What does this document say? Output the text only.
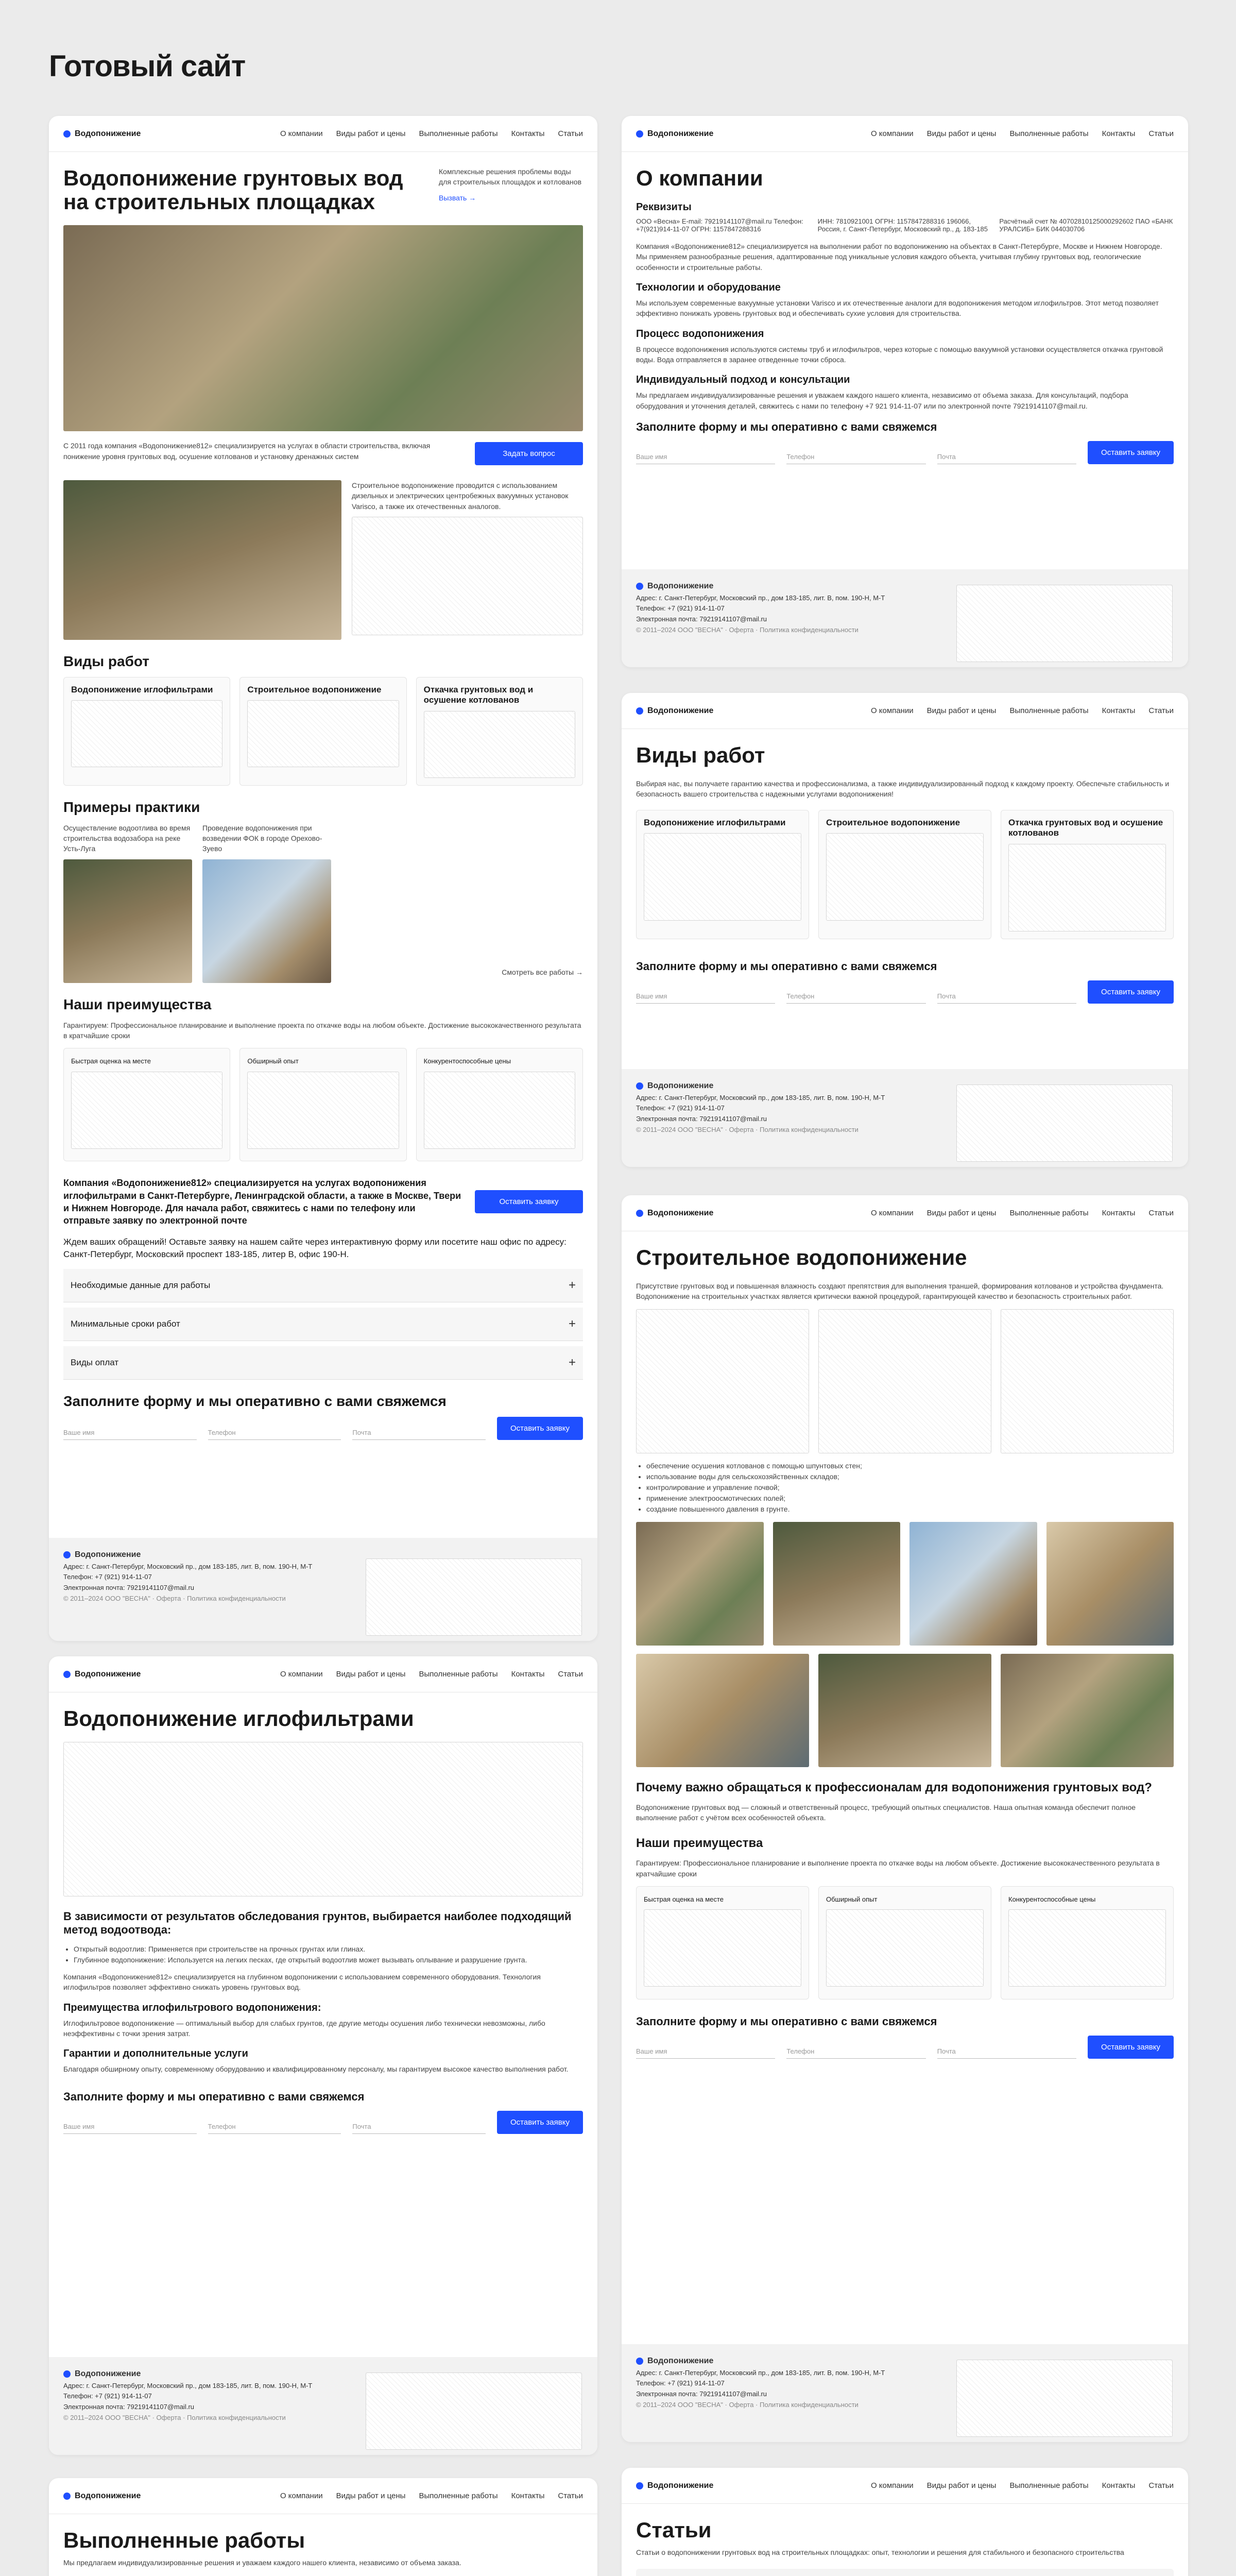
Готовый сайт
Водопонижение	О компании Виды работ и цены Выполненные работы Контакты Статьи
Водопонижение грунтовых вод на строительных площадках

Комплексные решения проблемы воды для строительных площадок и котлованов

Вызвать →

С 2011 года компания «Водопонижение812» специализируется на услугах в области строительства, включая понижение уровня грунтовых вод, осушение котлованов и установку дренажных систем	Задать вопрос

Строительное водопонижение проводится с использованием дизельных и электрических центробежных вакуумных установок Varisco, а также их отечественных аналогов.

Виды работ
Водопонижение иглофильтрами	Строительное водопонижение	Откачка грунтовых вод и осушение котлованов
Примеры практики

Осуществление водоотлива во время строительства водозабора на реке Усть-Луга

Проведение водопонижения при возведении ФОК в городе Орехово-Зуево

Смотреть все работы →

Наши преимущества

Гарантируем: Профессиональное планирование и выполнение проекта по откачке воды на любом объекте. Достижение высококачественного результата в кратчайшие сроки

Быстрая оценка на месте	Обширный опыт	Конкурентоспособные цены

Компания «Водопонижение812» специализируется на услугах водопонижения иглофильтрами в Санкт-Петербурге, Ленинградской области, а также в Москве, Твери и Нижнем Новгороде. Для начала работ, свяжитесь с нами по телефону или отправьте заявку по электронной почте

Оставить заявку

Ждем ваших обращений! Оставьте заявку на нашем сайте через интерактивную форму или посетите наш офис по адресу: Санкт-Петербург, Московский проспект 183-185, литер В, офис 190-Н.

Необходимые данные для работы	+
Минимальные сроки работ	+
Виды оплат	+
Заполните форму и мы оперативно с вами свяжемся
Ваше имя	Телефон	Почта	Оставить заявку
Водопонижение
Адрес: г. Санкт-Петербург, Московский пр., дом 183-185, лит. В, пом. 190-Н, М-Т
Телефон: +7 (921) 914-11-07
Электронная почта: 79219141107@mail.ru
© 2011–2024 ООО "ВЕСНА" · Оферта · Политика конфиденциальности
Водопонижение	О компании Виды работ и цены Выполненные работы Контакты Статьи
О компании
Реквизиты
ООО «Весна» E-mail: 79219141107@mail.ru Телефон: +7(921)914-11-07 ОГРН: 1157847288316
ИНН: 7810921001 ОГРН: 1157847288316 196066, Россия, г. Санкт-Петербург, Московский пр., д. 183-185
Расчётный счет № 40702810125000292602 ПАО «БАНК УРАЛСИБ» БИК 044030706

Компания «Водопонижение812» специализируется на выполнении работ по водопонижению на объектах в Санкт-Петербурге, Москве и Нижнем Новгороде. Мы применяем разнообразные решения, адаптированные под уникальные условия каждого объекта, учитывая глубину грунтовых вод, геологические особенности и строительные работы.

Технологии и оборудование

Мы используем современные вакуумные установки Varisco и их отечественные аналоги для водопонижения методом иглофильтров. Этот метод позволяет эффективно понижать уровень грунтовых вод и обеспечивать сухие условия для строительства.

Процесс водопонижения

В процессе водопонижения используются системы труб и иглофильтров, через которые с помощью вакуумной установки осуществляется откачка грунтовой воды. Вода отправляется в заранее отведенные точки сброса.

Индивидуальный подход и консультации

Мы предлагаем индивидуализированные решения и уважаем каждого нашего клиента, независимо от объема заказа. Для консультаций, подбора оборудования и уточнения деталей, свяжитесь с нами по телефону +7 921 914-11-07 или по электронной почте 79219141107@mail.ru.

Заполните форму и мы оперативно с вами свяжемся
Ваше имя	Телефон	Почта	Оставить заявку
Водопонижение
Адрес: г. Санкт-Петербург, Московский пр., дом 183-185, лит. В, пом. 190-Н, М-Т
Телефон: +7 (921) 914-11-07
Электронная почта: 79219141107@mail.ru
© 2011–2024 ООО "ВЕСНА" · Оферта · Политика конфиденциальности
Водопонижение	О компании Виды работ и цены Выполненные работы Контакты Статьи
Виды работ

Выбирая нас, вы получаете гарантию качества и профессионализма, а также индивидуализированный подход к каждому проекту. Обеспечьте стабильность и безопасность вашего строительства с надежными услугами водопонижения!

Водопонижение иглофильтрами	Строительное водопонижение	Откачка грунтовых вод и осушение котлованов
Заполните форму и мы оперативно с вами свяжемся
Ваше имя	Телефон	Почта	Оставить заявку
Водопонижение
Адрес: г. Санкт-Петербург, Московский пр., дом 183-185, лит. В, пом. 190-Н, М-Т
Телефон: +7 (921) 914-11-07
Электронная почта: 79219141107@mail.ru
© 2011–2024 ООО "ВЕСНА" · Оферта · Политика конфиденциальности
Водопонижение	О компании Виды работ и цены Выполненные работы Контакты Статьи
Строительное водопонижение

Присутствие грунтовых вод и повышенная влажность создают препятствия для выполнения траншей, формирования котлованов и устройства фундамента. Водопонижение на строительных участках является критически важной процедурой, гарантирующей качество и безопасность строительных работ.

• обеспечение осушения котлованов с помощью шпунтовых стен;
• использование воды для сельскохозяйственных складов;
• контролирование и управление почвой;
• применение электроосмотических полей;
• создание повышенного давления в грунте.
Почему важно обращаться к профессионалам для водопонижения грунтовых вод?

Водопонижение грунтовых вод — сложный и ответственный процесс, требующий опытных специалистов. Наша опытная команда обеспечит полное выполнение работ с учётом всех особенностей объекта.

Наши преимущества

Гарантируем: Профессиональное планирование и выполнение проекта по откачке воды на любом объекте. Достижение высококачественного результата в кратчайшие сроки

Быстрая оценка на месте	Обширный опыт	Конкурентоспособные цены
Заполните форму и мы оперативно с вами свяжемся
Ваше имя	Телефон	Почта	Оставить заявку
Водопонижение
Адрес: г. Санкт-Петербург, Московский пр., дом 183-185, лит. В, пом. 190-Н, М-Т
Телефон: +7 (921) 914-11-07
Электронная почта: 79219141107@mail.ru
© 2011–2024 ООО "ВЕСНА" · Оферта · Политика конфиденциальности
Водопонижение	О компании Виды работ и цены Выполненные работы Контакты Статьи
Водопонижение иглофильтрами
В зависимости от результатов обследования грунтов, выбирается наиболее подходящий метод водоотвода:
• Открытый водоотлив: Применяется при строительстве на прочных грунтах или глинах.
• Глубинное водопонижение: Используется на легких песках, где открытый водоотлив может вызывать оплывание и разрушение грунта.

Компания «Водопонижение812» специализируется на глубинном водопонижении с использованием современного оборудования. Технология иглофильтров позволяет эффективно снижать уровень грунтовых вод.

Преимущества иглофильтрового водопонижения:

Иглофильтровое водопонижение — оптимальный выбор для слабых грунтов, где другие методы осушения либо технически невозможны, либо неэффективны с точки зрения затрат.

Гарантии и дополнительные услуги

Благодаря обширному опыту, современному оборудованию и квалифицированному персоналу, мы гарантируем высокое качество выполнения работ.

Заполните форму и мы оперативно с вами свяжемся
Ваше имя	Телефон	Почта	Оставить заявку
Водопонижение
Адрес: г. Санкт-Петербург, Московский пр., дом 183-185, лит. В, пом. 190-Н, М-Т
Телефон: +7 (921) 914-11-07
Электронная почта: 79219141107@mail.ru
© 2011–2024 ООО "ВЕСНА" · Оферта · Политика конфиденциальности
Водопонижение	О компании Виды работ и цены Выполненные работы Контакты Статьи
Выполненные работы

Мы предлагаем индивидуализированные решения и уважаем каждого нашего клиента, независимо от объема заказа.

Водопонижение	О компании Виды работ и цены Выполненные работы Контакты Статьи
Статьи

Статьи о водопонижении грунтовых вод на строительных площадках: опыт, технологии и решения для стабильного и безопасного строительства
